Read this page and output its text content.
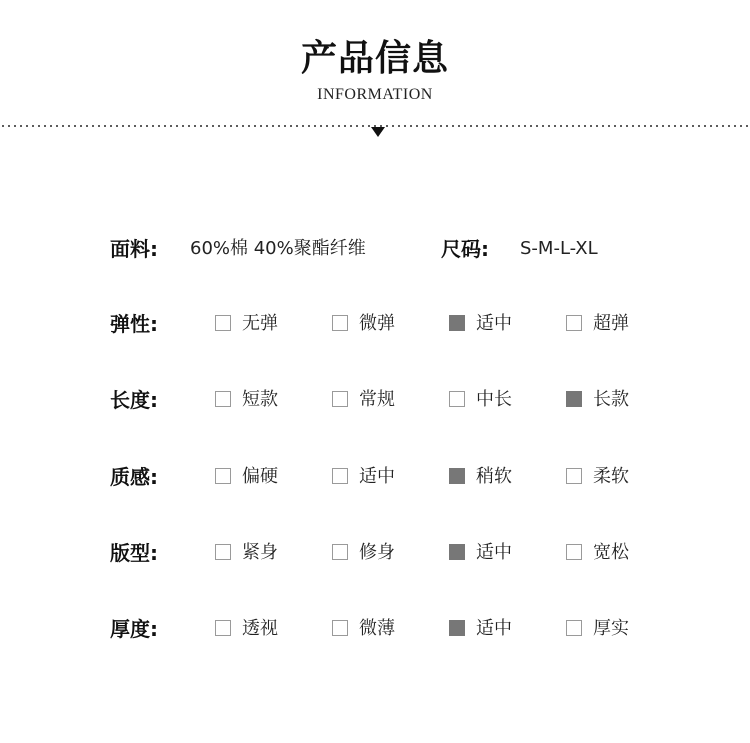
产品信息
INFORMATION
面料: 60%棉 40%聚酯纤维	尺码: S-M-L-XL
弹性:	无弹	微弹	适中	超弹
长度:	短款	常规	中长	长款
质感:	偏硬	适中	稍软	柔软
版型:	紧身	修身	适中	宽松
厚度:	透视	微薄	适中	厚实
